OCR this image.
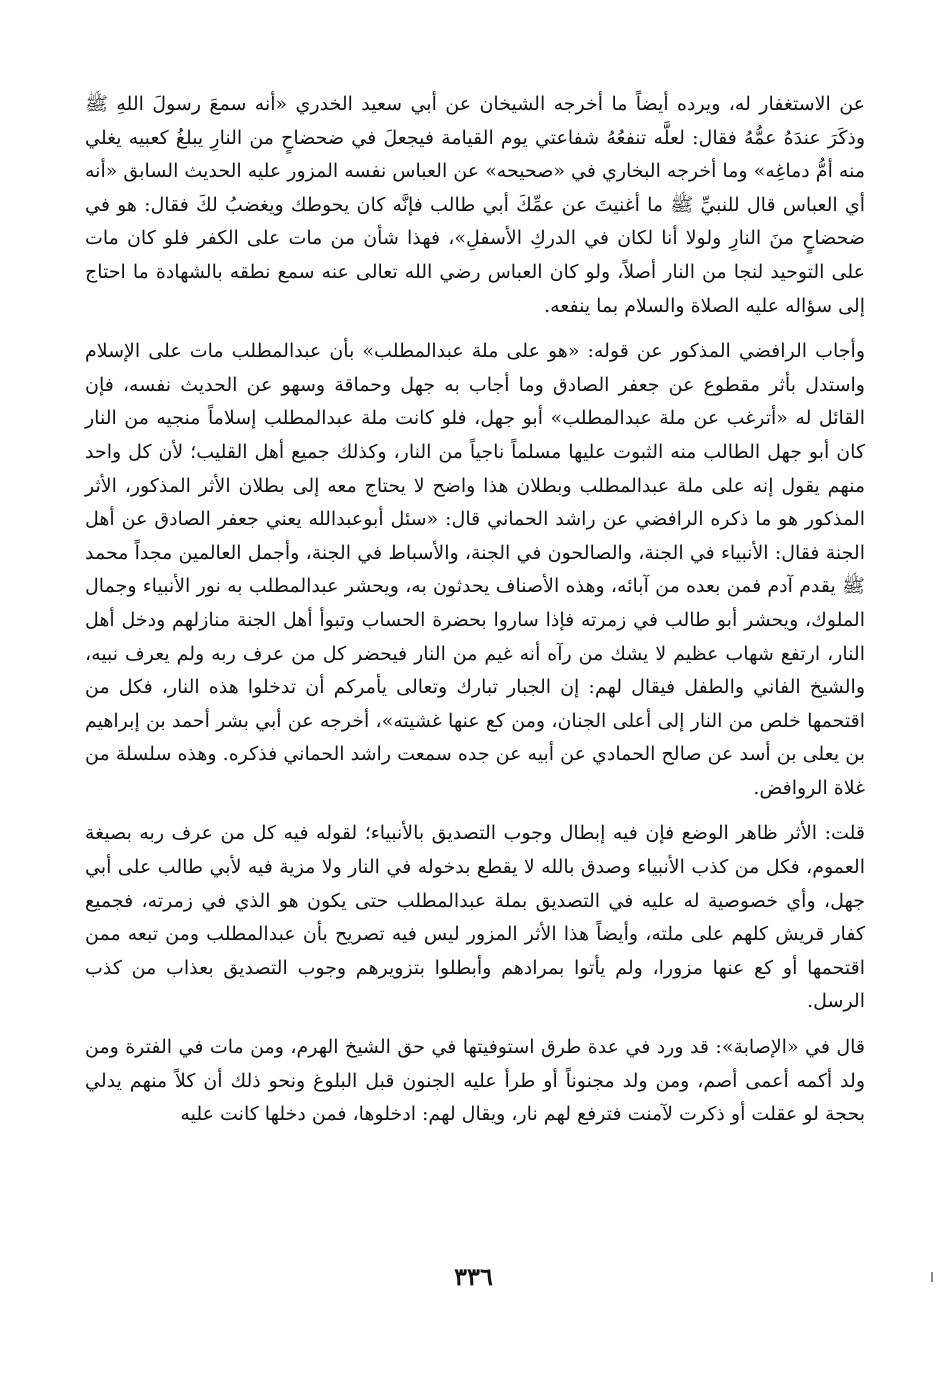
عن الاستغفار له، ويرده أيضاً ما أخرجه الشيخان عن أبي سعيد الخدري «أنه سمعَ رسولَ اللهِ ﷺ وذكَرَ عندَهُ عمُّهُ فقال: لعلَّه تنفعُهُ شفاعتي يوم القيامة فيجعلَ في ضحضاحٍ من النارِ يبلغُ كعبيه يغلي منه أمُّ دماغِه» وما أخرجه البخاري في «صحيحه» عن العباس نفسه المزور عليه الحديث السابق «أنه أي العباس قال للنبيِّ ﷺ ما أغنيتَ عن عمِّكَ أبي طالب فإنَّه كان يحوطك ويغضبُ لكَ فقال: هو في ضحضاحٍ منَ النارِ ولولا أنا لكان في الدركِ الأسفلِ»، فهذا شأن من مات على الكفر فلو كان مات على التوحيد لنجا من النار أصلاً، ولو كان العباس رضي الله تعالى عنه سمع نطقه بالشهادة ما احتاج إلى سؤاله عليه الصلاة والسلام بما ينفعه.

وأجاب الرافضي المذكور عن قوله: «هو على ملة عبدالمطلب» بأن عبدالمطلب مات على الإسلام واستدل بأثر مقطوع عن جعفر الصادق وما أجاب به جهل وحماقة وسهو عن الحديث نفسه، فإن القائل له «أترغب عن ملة عبدالمطلب» أبو جهل، فلو كانت ملة عبدالمطلب إسلاماً منجيه من النار كان أبو جهل الطالب منه الثبوت عليها مسلماً ناجياً من النار، وكذلك جميع أهل القليب؛ لأن كل واحد منهم يقول إنه على ملة عبدالمطلب وبطلان هذا واضح لا يحتاج معه إلى بطلان الأثر المذكور، الأثر المذكور هو ما ذكره الرافضي عن راشد الحماني قال: «سئل أبوعبدالله يعني جعفر الصادق عن أهل الجنة فقال: الأنبياء في الجنة، والصالحون في الجنة، والأسباط في الجنة، وأجمل العالمين مجداً محمد ﷺ يقدم آدم فمن بعده من آبائه، وهذه الأصناف يحدثون به، ويحشر عبدالمطلب به نور الأنبياء وجمال الملوك، ويحشر أبو طالب في زمرته فإذا ساروا بحضرة الحساب وتبوأ أهل الجنة منازلهم ودخل أهل النار، ارتفع شهاب عظيم لا يشك من رآه أنه غيم من النار فيحضر كل من عرف ربه ولم يعرف نبيه، والشيخ الفاني والطفل فيقال لهم: إن الجبار تبارك وتعالى يأمركم أن تدخلوا هذه النار، فكل من اقتحمها خلص من النار إلى أعلى الجنان، ومن كع عنها غشيته»، أخرجه عن أبي بشر أحمد بن إبراهيم بن يعلى بن أسد عن صالح الحمادي عن أبيه عن جده سمعت راشد الحماني فذكره. وهذه سلسلة من غلاة الروافض.

قلت: الأثر ظاهر الوضع فإن فيه إبطال وجوب التصديق بالأنبياء؛ لقوله فيه كل من عرف ربه بصيغة العموم، فكل من كذب الأنبياء وصدق بالله لا يقطع بدخوله في النار ولا مزية فيه لأبي طالب على أبي جهل، وأي خصوصية له عليه في التصديق بملة عبدالمطلب حتى يكون هو الذي في زمرته، فجميع كفار قريش كلهم على ملته، وأيضاً هذا الأثر المزور ليس فيه تصريح بأن عبدالمطلب ومن تبعه ممن اقتحمها أو كع عنها مزورا، ولم يأتوا بمرادهم وأبطلوا بتزويرهم وجوب التصديق بعذاب من كذب الرسل.

قال في «الإصابة»: قد ورد في عدة طرق استوفيتها في حق الشيخ الهرم، ومن مات في الفترة ومن ولد أكمه أعمى أصم، ومن ولد مجنوناً أو طرأ عليه الجنون قبل البلوغ ونحو ذلك أن كلاً منهم يدلي بحجة لو عقلت أو ذكرت لآمنت فترفع لهم نار، ويقال لهم: ادخلوها، فمن دخلها كانت عليه

٣٣٦
